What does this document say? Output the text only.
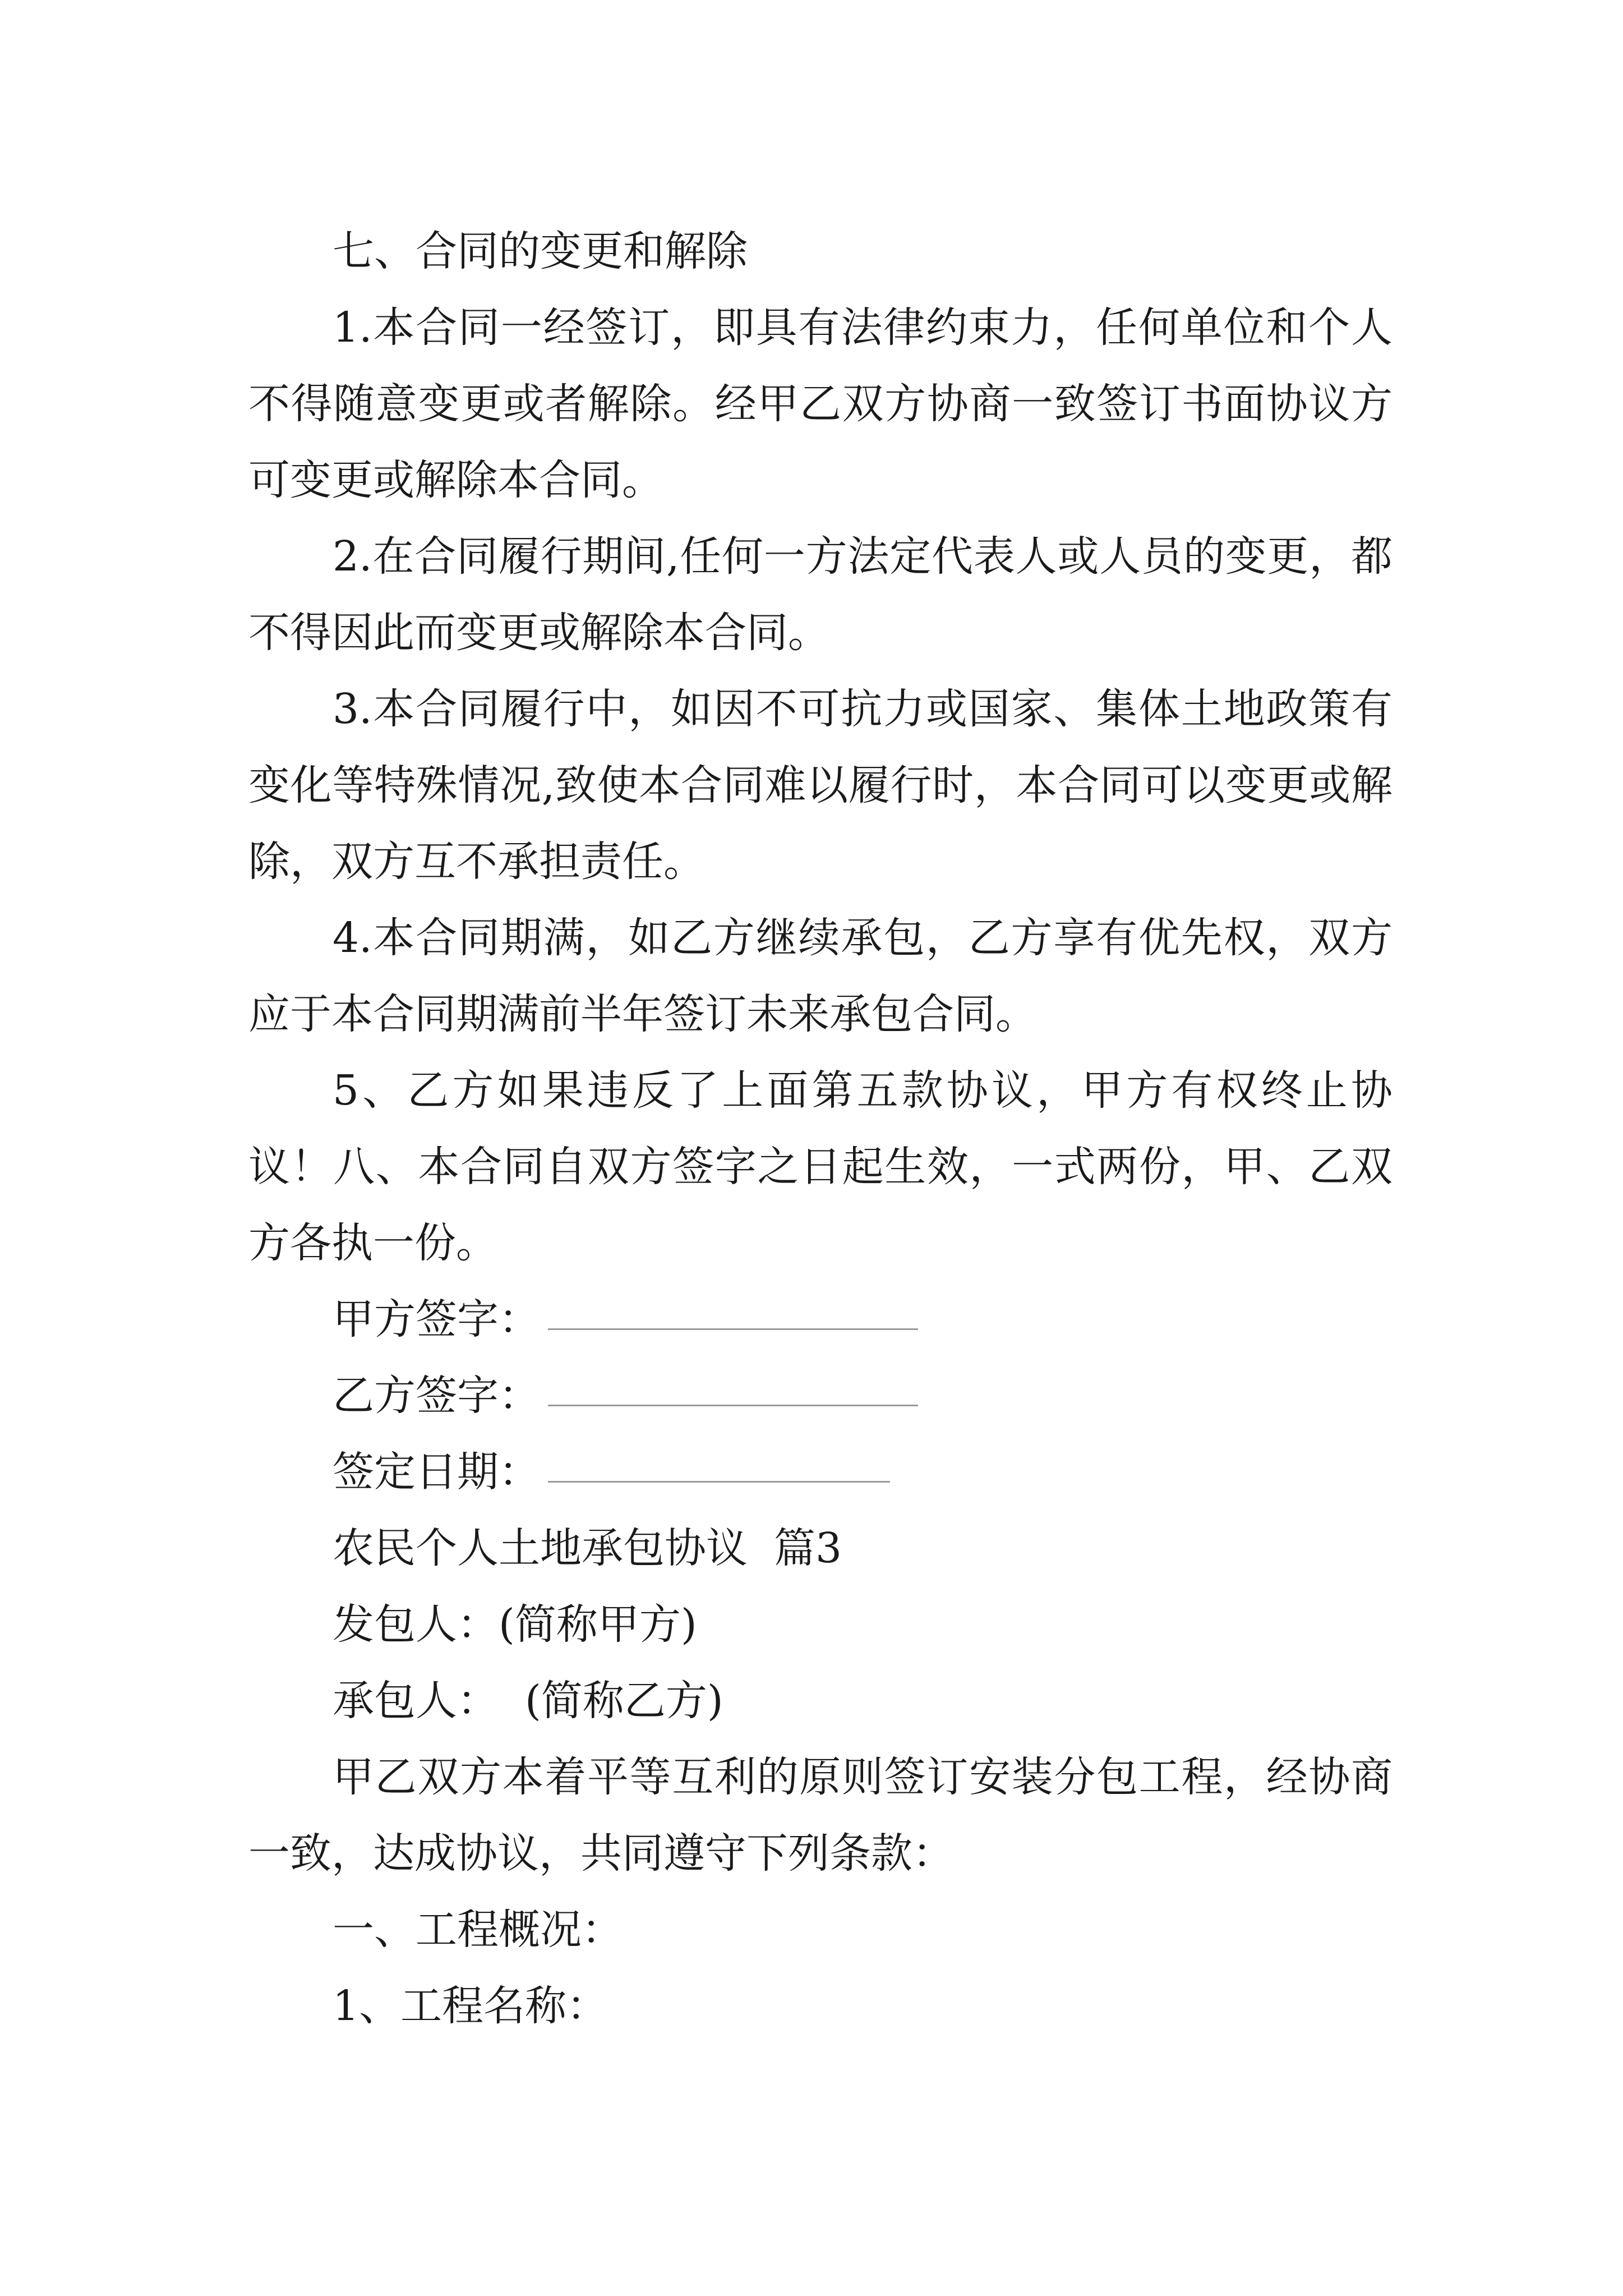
七、合同的变更和解除

1.本合同一经签订，即具有法律约束力，任何单位和个人不得随意变更或者解除。经甲乙双方协商一致签订书面协议方可变更或解除本合同。

2.在合同履行期间,任何一方法定代表人或人员的变更，都不得因此而变更或解除本合同。

3.本合同履行中，如因不可抗力或国家、集体土地政策有变化等特殊情况,致使本合同难以履行时，本合同可以变更或解除，双方互不承担责任。

4.本合同期满，如乙方继续承包，乙方享有优先权，双方应于本合同期满前半年签订未来承包合同。

5、乙方如果违反了上面第五款协议，甲方有权终止协议！八、本合同自双方签字之日起生效，一式两份，甲、乙双方各执一份。

甲方签字：
乙方签字：
签定日期：

农民个人土地承包协议  篇3

发包人：(简称甲方)

承包人：  (简称乙方)

甲乙双方本着平等互利的原则签订安装分包工程，经协商一致，达成协议，共同遵守下列条款：

一、工程概况：

1、工程名称：
